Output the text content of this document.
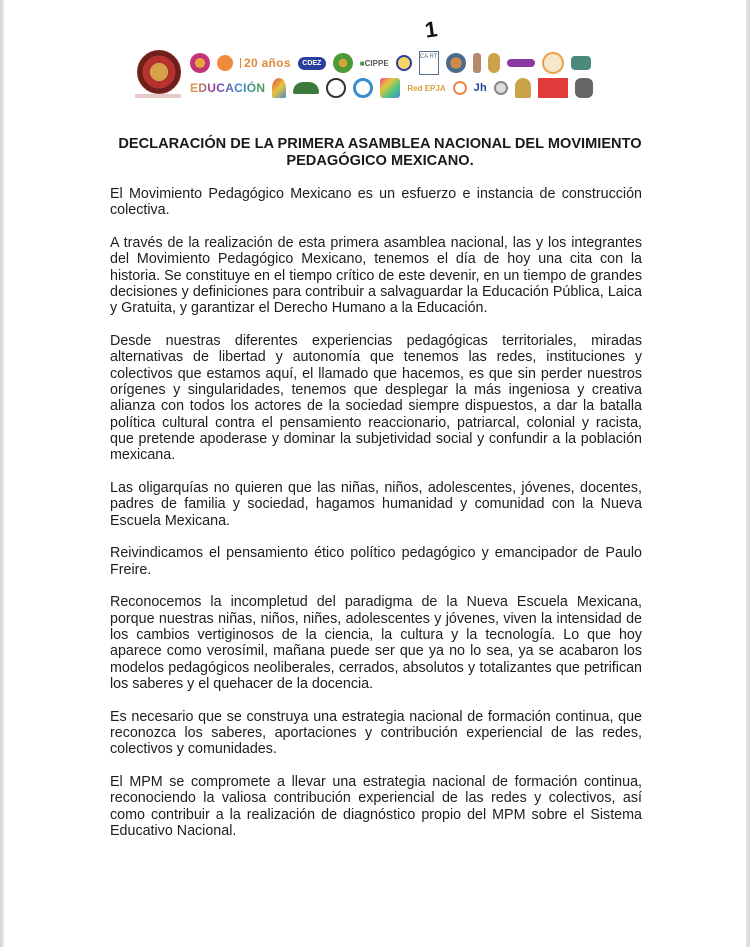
1
20 años	CDEZ	■CIPPE
CA RT
EDUCACIÓN	Red EPJA	Jh
DECLARACIÓN DE LA PRIMERA ASAMBLEA NACIONAL DEL MOVIMIENTO PEDAGÓGICO MEXICANO.

El Movimiento Pedagógico Mexicano es un esfuerzo e instancia de construcción colectiva.

A través de la realización de esta primera asamblea nacional, las y los integrantes del Movimiento Pedagógico Mexicano, tenemos el día de hoy una cita con la historia. Se constituye en el tiempo crítico de este devenir, en un tiempo de grandes decisiones y definiciones para contribuir a salvaguardar la Educación Pública, Laica y Gratuita, y garantizar el Derecho Humano a la Educación.

Desde nuestras diferentes experiencias pedagógicas territoriales, miradas alternativas de libertad y autonomía que tenemos las redes, instituciones y colectivos que estamos aquí, el llamado que hacemos, es que sin perder nuestros orígenes y singularidades, tenemos que desplegar la más ingeniosa y creativa alianza con todos los actores de la sociedad siempre dispuestos, a dar la batalla política cultural contra el pensamiento reaccionario, patriarcal, colonial y racista, que pretende apoderase y dominar la subjetividad social y confundir a la población mexicana.

Las oligarquías no quieren que las niñas, niños, adolescentes, jóvenes, docentes, padres de familia y sociedad, hagamos humanidad y comunidad con la Nueva Escuela Mexicana.

Reivindicamos el pensamiento ético político pedagógico y emancipador de Paulo Freire.

Reconocemos la incompletud del paradigma de la Nueva Escuela Mexicana, porque nuestras niñas, niños, niñes, adolescentes y jóvenes, viven la intensidad de los cambios vertiginosos de la ciencia, la cultura y la tecnología. Lo que hoy aparece como verosímil, mañana puede ser que ya no lo sea, ya se acabaron los modelos pedagógicos neoliberales, cerrados, absolutos y totalizantes que petrifican los saberes y el quehacer de la docencia.

Es necesario que se construya una estrategia nacional de formación continua, que reconozca los saberes, aportaciones y contribución experiencial de las redes, colectivos y comunidades.

El MPM se compromete a llevar una estrategia nacional de formación continua, reconociendo la valiosa contribución experiencial de las redes y colectivos, así como contribuir a la realización de diagnóstico propio del MPM sobre el Sistema Educativo Nacional.
